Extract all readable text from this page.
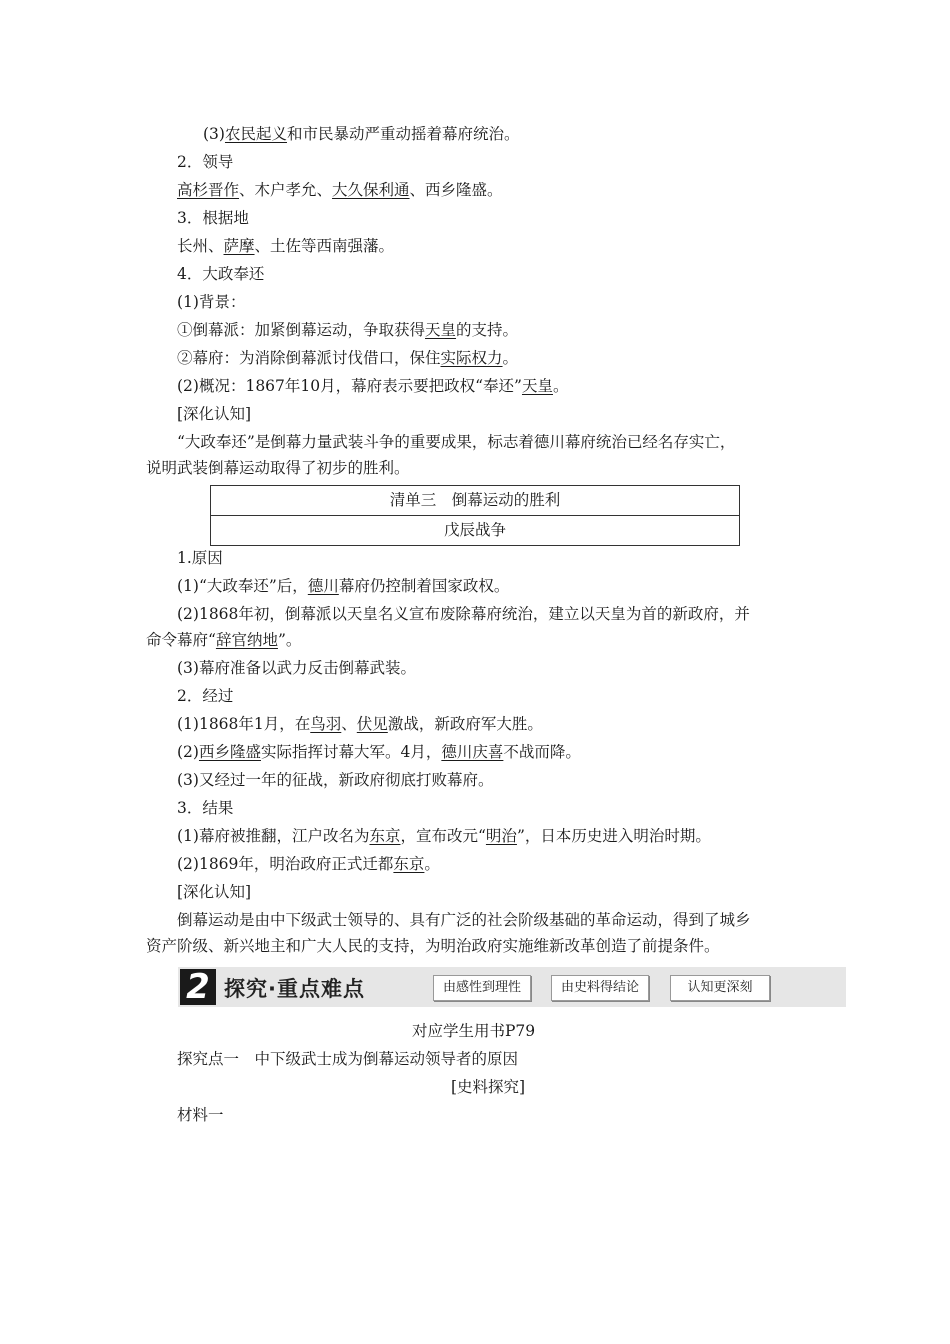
(3)农民起义和市民暴动严重动摇着幕府统治。
2．领导
高杉晋作、木户孝允、大久保利通、西乡隆盛。
3．根据地
长州、萨摩、土佐等西南强藩。
4．大政奉还
(1)背景：
①倒幕派：加紧倒幕运动，争取获得天皇的支持。
②幕府：为消除倒幕派讨伐借口，保住实际权力。
(2)概况：1867年10月，幕府表示要把政权“奉还”天皇。
[深化认知]
“大政奉还”是倒幕力量武装斗争的重要成果，标志着德川幕府统治已经名存实亡，
说明武装倒幕运动取得了初步的胜利。
1.原因
(1)“大政奉还”后，德川幕府仍控制着国家政权。
(2)1868年初，倒幕派以天皇名义宣布废除幕府统治，建立以天皇为首的新政府，并
命令幕府“辞官纳地”。
(3)幕府准备以武力反击倒幕武装。
2．经过
(1)1868年1月，在鸟羽、伏见激战，新政府军大胜。
(2)西乡隆盛实际指挥讨幕大军。4月，德川庆喜不战而降。
(3)又经过一年的征战，新政府彻底打败幕府。
3．结果
(1)幕府被推翻，江户改名为东京，宣布改元“明治”，日本历史进入明治时期。
(2)1869年，明治政府正式迁都东京。
[深化认知]
倒幕运动是由中下级武士领导的、具有广泛的社会阶级基础的革命运动，得到了城乡
资产阶级、新兴地主和广大人民的支持，为明治政府实施维新改革创造了前提条件。
清单三　倒幕运动的胜利
戊辰战争
2 探究·重点难点	由感性到理性	由史料得结论	认知更深刻
对应学生用书P79
探究点一　中下级武士成为倒幕运动领导者的原因
[史料探究]
材料一
